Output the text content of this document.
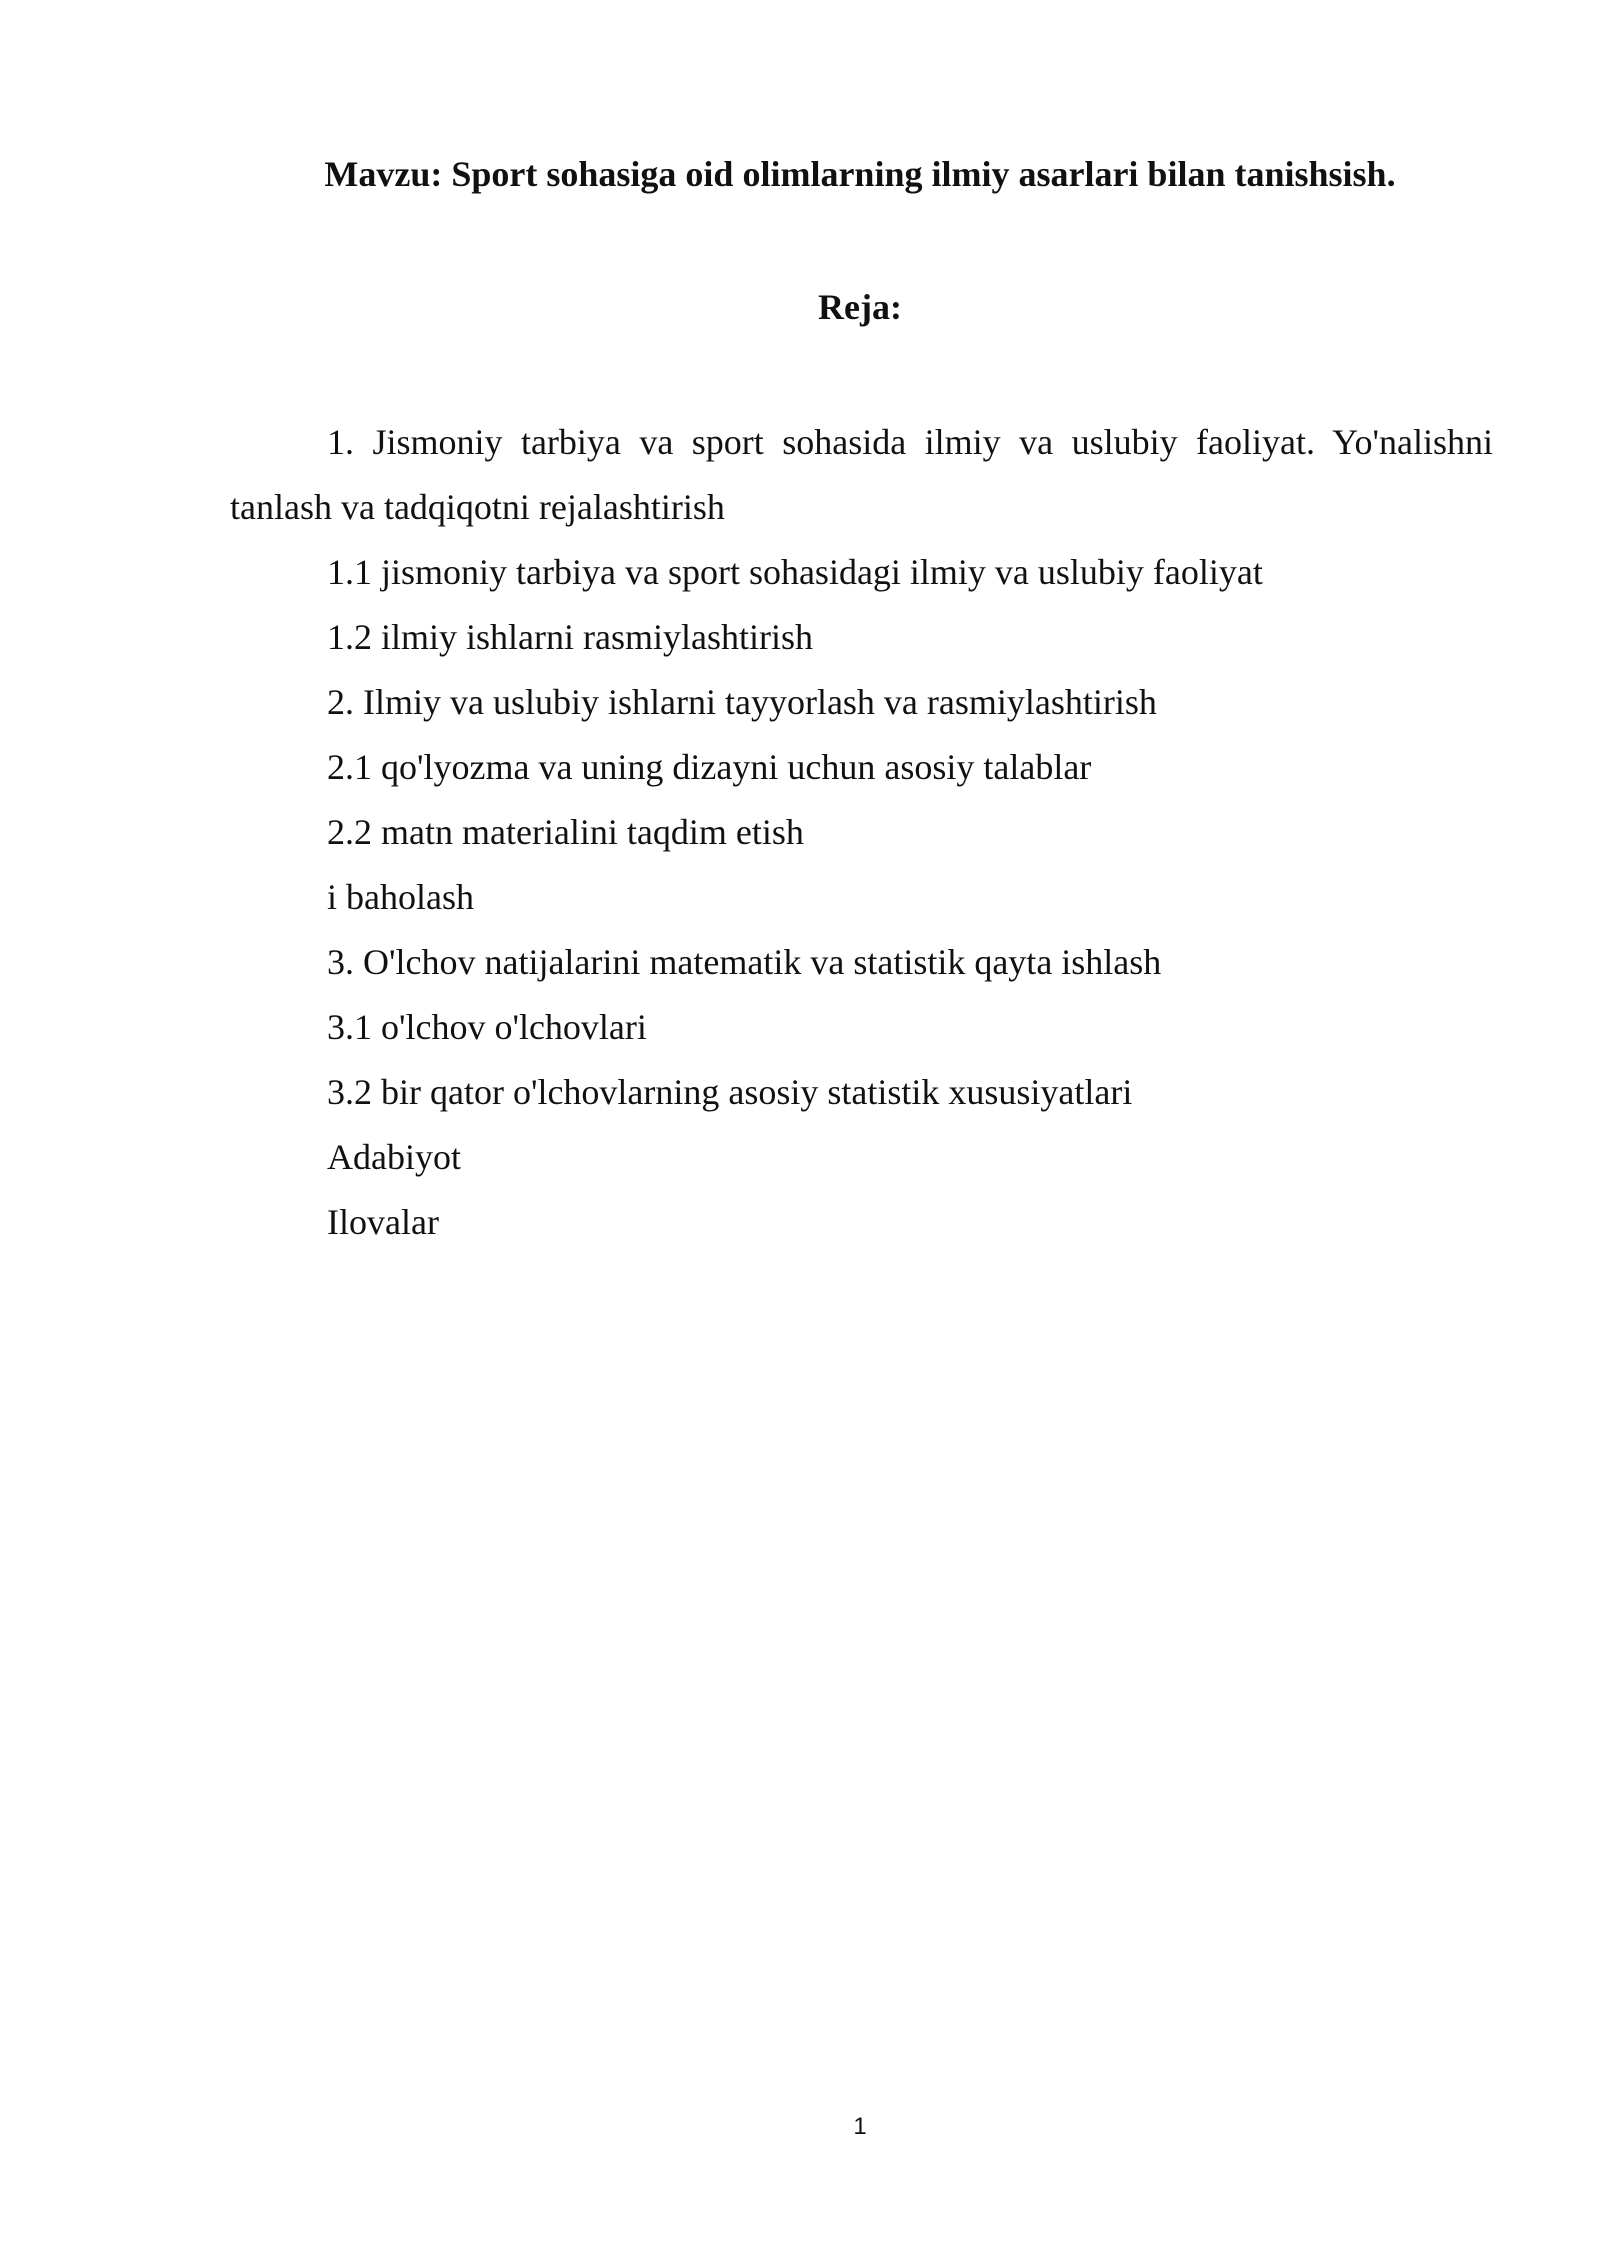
Mavzu: Sport sohasiga oid olimlarning ilmiy asarlari bilan tanishsish.
Reja:

1. Jismoniy tarbiya va sport sohasida ilmiy va uslubiy faoliyat. Yo'nalishni tanlash va tadqiqotni rejalashtirish

1.1 jismoniy tarbiya va sport sohasidagi ilmiy va uslubiy faoliyat

1.2 ilmiy ishlarni rasmiylashtirish

2. Ilmiy va uslubiy ishlarni tayyorlash va rasmiylashtirish

2.1 qo'lyozma va uning dizayni uchun asosiy talablar

2.2 matn materialini taqdim etish

i baholash

3. O'lchov natijalarini matematik va statistik qayta ishlash

3.1 o'lchov o'lchovlari

3.2 bir qator o'lchovlarning asosiy statistik xususiyatlari

Adabiyot

Ilovalar

1
